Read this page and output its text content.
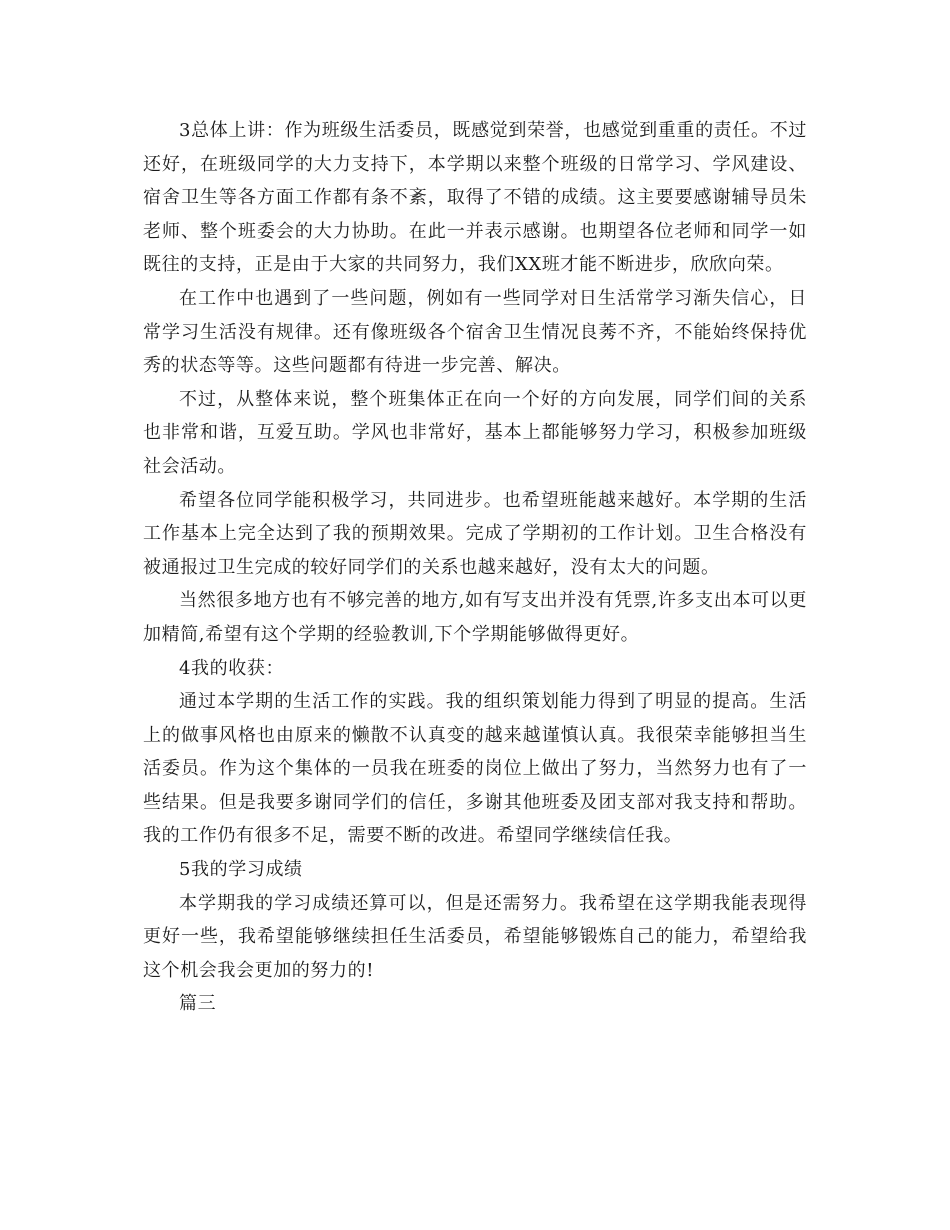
3总体上讲：作为班级生活委员，既感觉到荣誉，也感觉到重重的责任。不过还好，在班级同学的大力支持下，本学期以来整个班级的日常学习、学风建设、宿舍卫生等各方面工作都有条不紊，取得了不错的成绩。这主要要感谢辅导员朱老师、整个班委会的大力协助。在此一并表示感谢。也期望各位老师和同学一如既往的支持，正是由于大家的共同努力，我们XX班才能不断进步，欣欣向荣。

在工作中也遇到了一些问题，例如有一些同学对日生活常学习渐失信心，日常学习生活没有规律。还有像班级各个宿舍卫生情况良莠不齐，不能始终保持优秀的状态等等。这些问题都有待进一步完善、解决。

不过，从整体来说，整个班集体正在向一个好的方向发展，同学们间的关系也非常和谐，互爱互助。学风也非常好，基本上都能够努力学习，积极参加班级社会活动。

希望各位同学能积极学习，共同进步。也希望班能越来越好。本学期的生活工作基本上完全达到了我的预期效果。完成了学期初的工作计划。卫生合格没有被通报过卫生完成的较好同学们的关系也越来越好，没有太大的问题。

当然很多地方也有不够完善的地方,如有写支出并没有凭票,许多支出本可以更加精简,希望有这个学期的经验教训,下个学期能够做得更好。

4我的收获：

通过本学期的生活工作的实践。我的组织策划能力得到了明显的提高。生活上的做事风格也由原来的懒散不认真变的越来越谨慎认真。我很荣幸能够担当生活委员。作为这个集体的一员我在班委的岗位上做出了努力，当然努力也有了一些结果。但是我要多谢同学们的信任，多谢其他班委及团支部对我支持和帮助。我的工作仍有很多不足，需要不断的改进。希望同学继续信任我。

5我的学习成绩

本学期我的学习成绩还算可以，但是还需努力。我希望在这学期我能表现得更好一些，我希望能够继续担任生活委员，希望能够锻炼自己的能力，希望给我这个机会我会更加的努力的!

篇三
